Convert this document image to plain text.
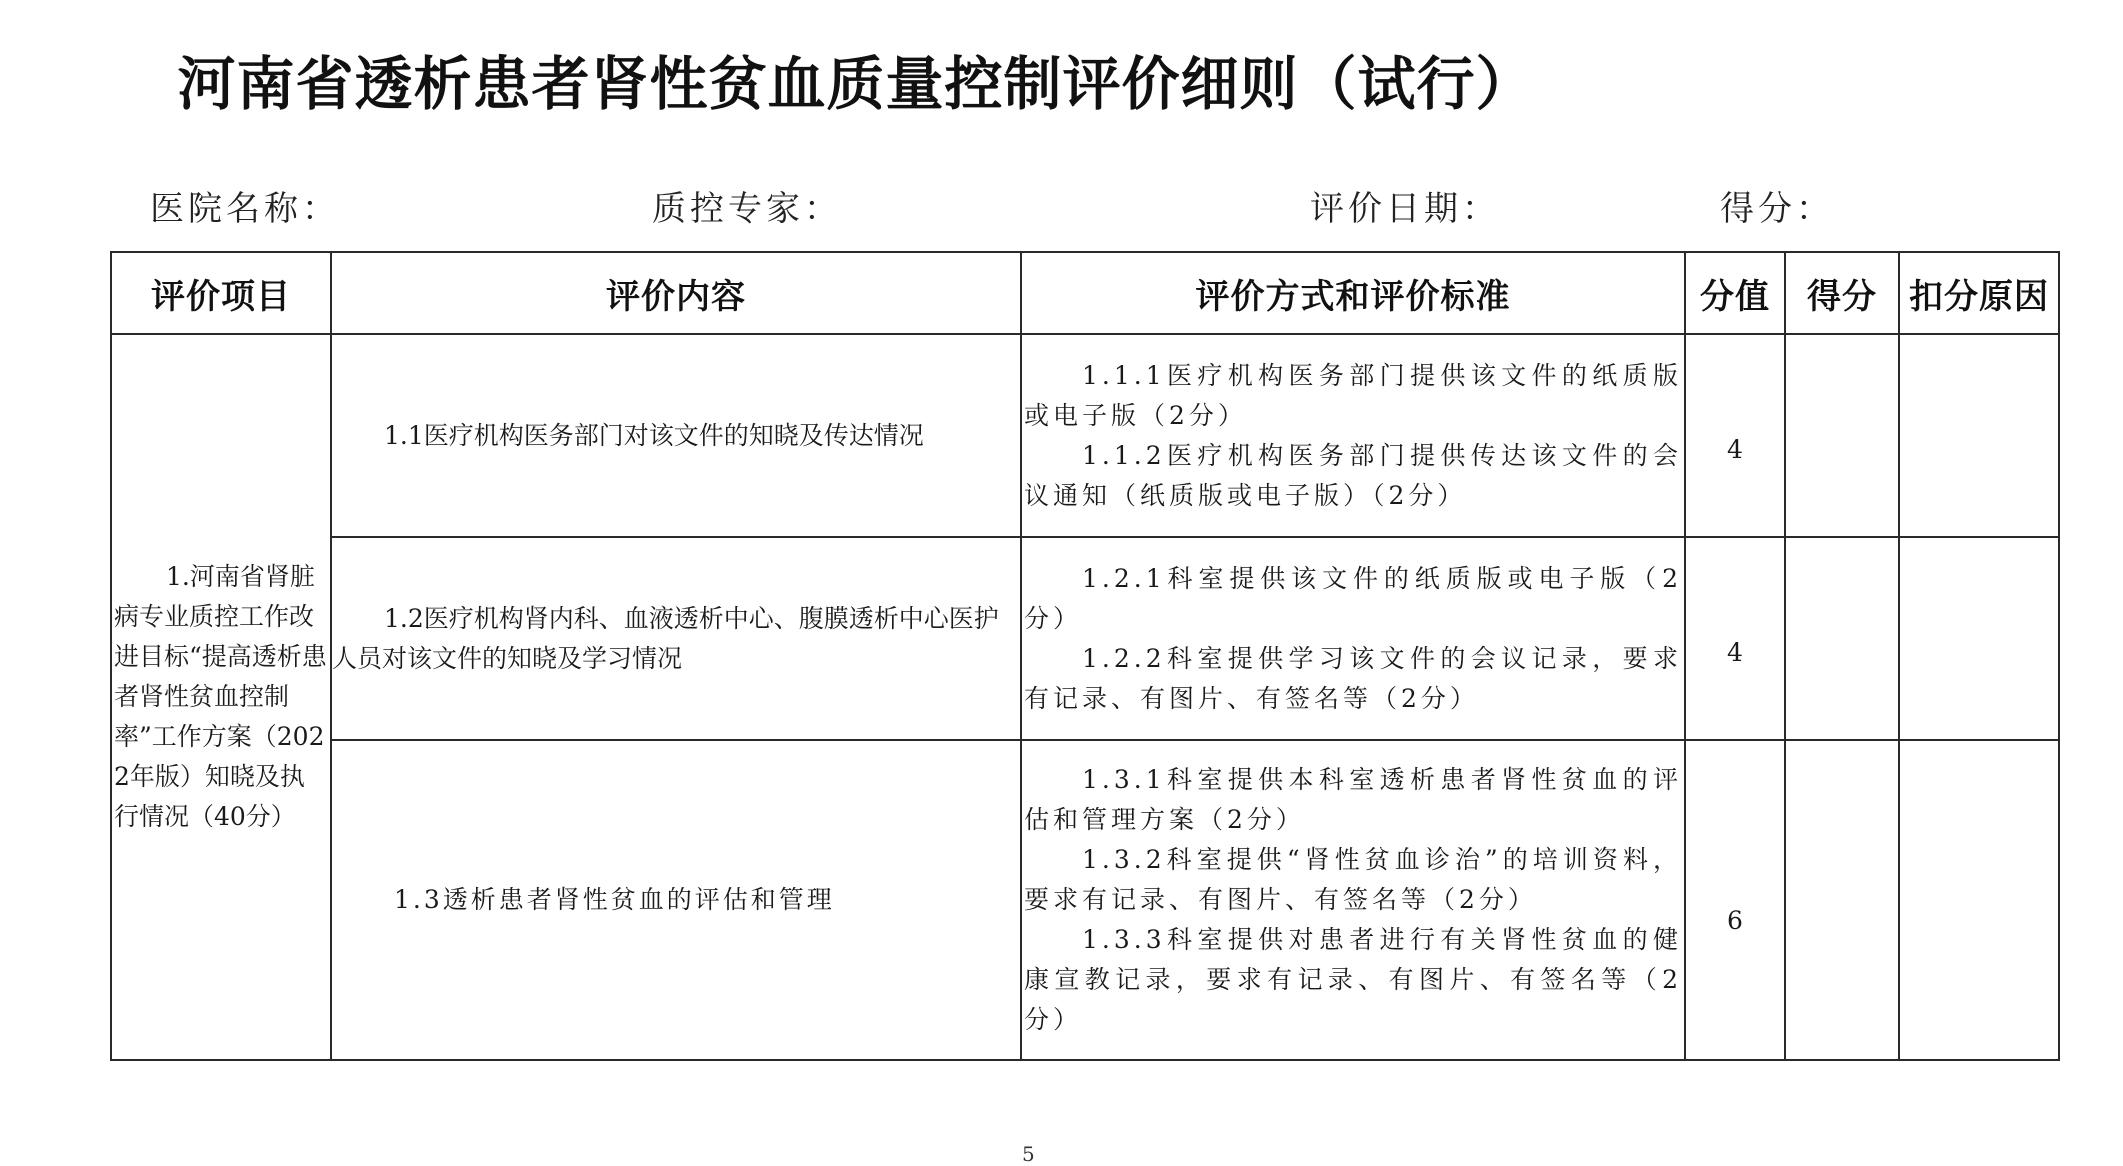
河南省透析患者肾性贫血质量控制评价细则（试行）
医院名称：	质控专家：	评价日期：	得分：
评价项目	评价内容	评价方式和评价标准	分值	得分	扣分原因
1.河南省肾脏病专业质控工作改进目标“提高透析患者肾性贫血控制率”工作方案（2022年版）知晓及执行情况（40分）	1.1医疗机构医务部门对该文件的知晓及传达情况	1.1.1医疗机构医务部门提供该文件的纸质版或电子版（2分）
1.1.2医疗机构医务部门提供传达该文件的会议通知（纸质版或电子版）（2分）	4		

	1.2医疗机构肾内科、血液透析中心、腹膜透析中心医护人员对该文件的知晓及学习情况	1.2.1科室提供该文件的纸质版或电子版（2分）
1.2.2科室提供学习该文件的会议记录，要求有记录、有图片、有签名等（2分）	4		

	1.3透析患者肾性贫血的评估和管理	1.3.1科室提供本科室透析患者肾性贫血的评估和管理方案（2分）
1.3.2科室提供“肾性贫血诊治”的培训资料，要求有记录、有图片、有签名等（2分）
1.3.3科室提供对患者进行有关肾性贫血的健康宣教记录，要求有记录、有图片、有签名等（2分）	6		
5
